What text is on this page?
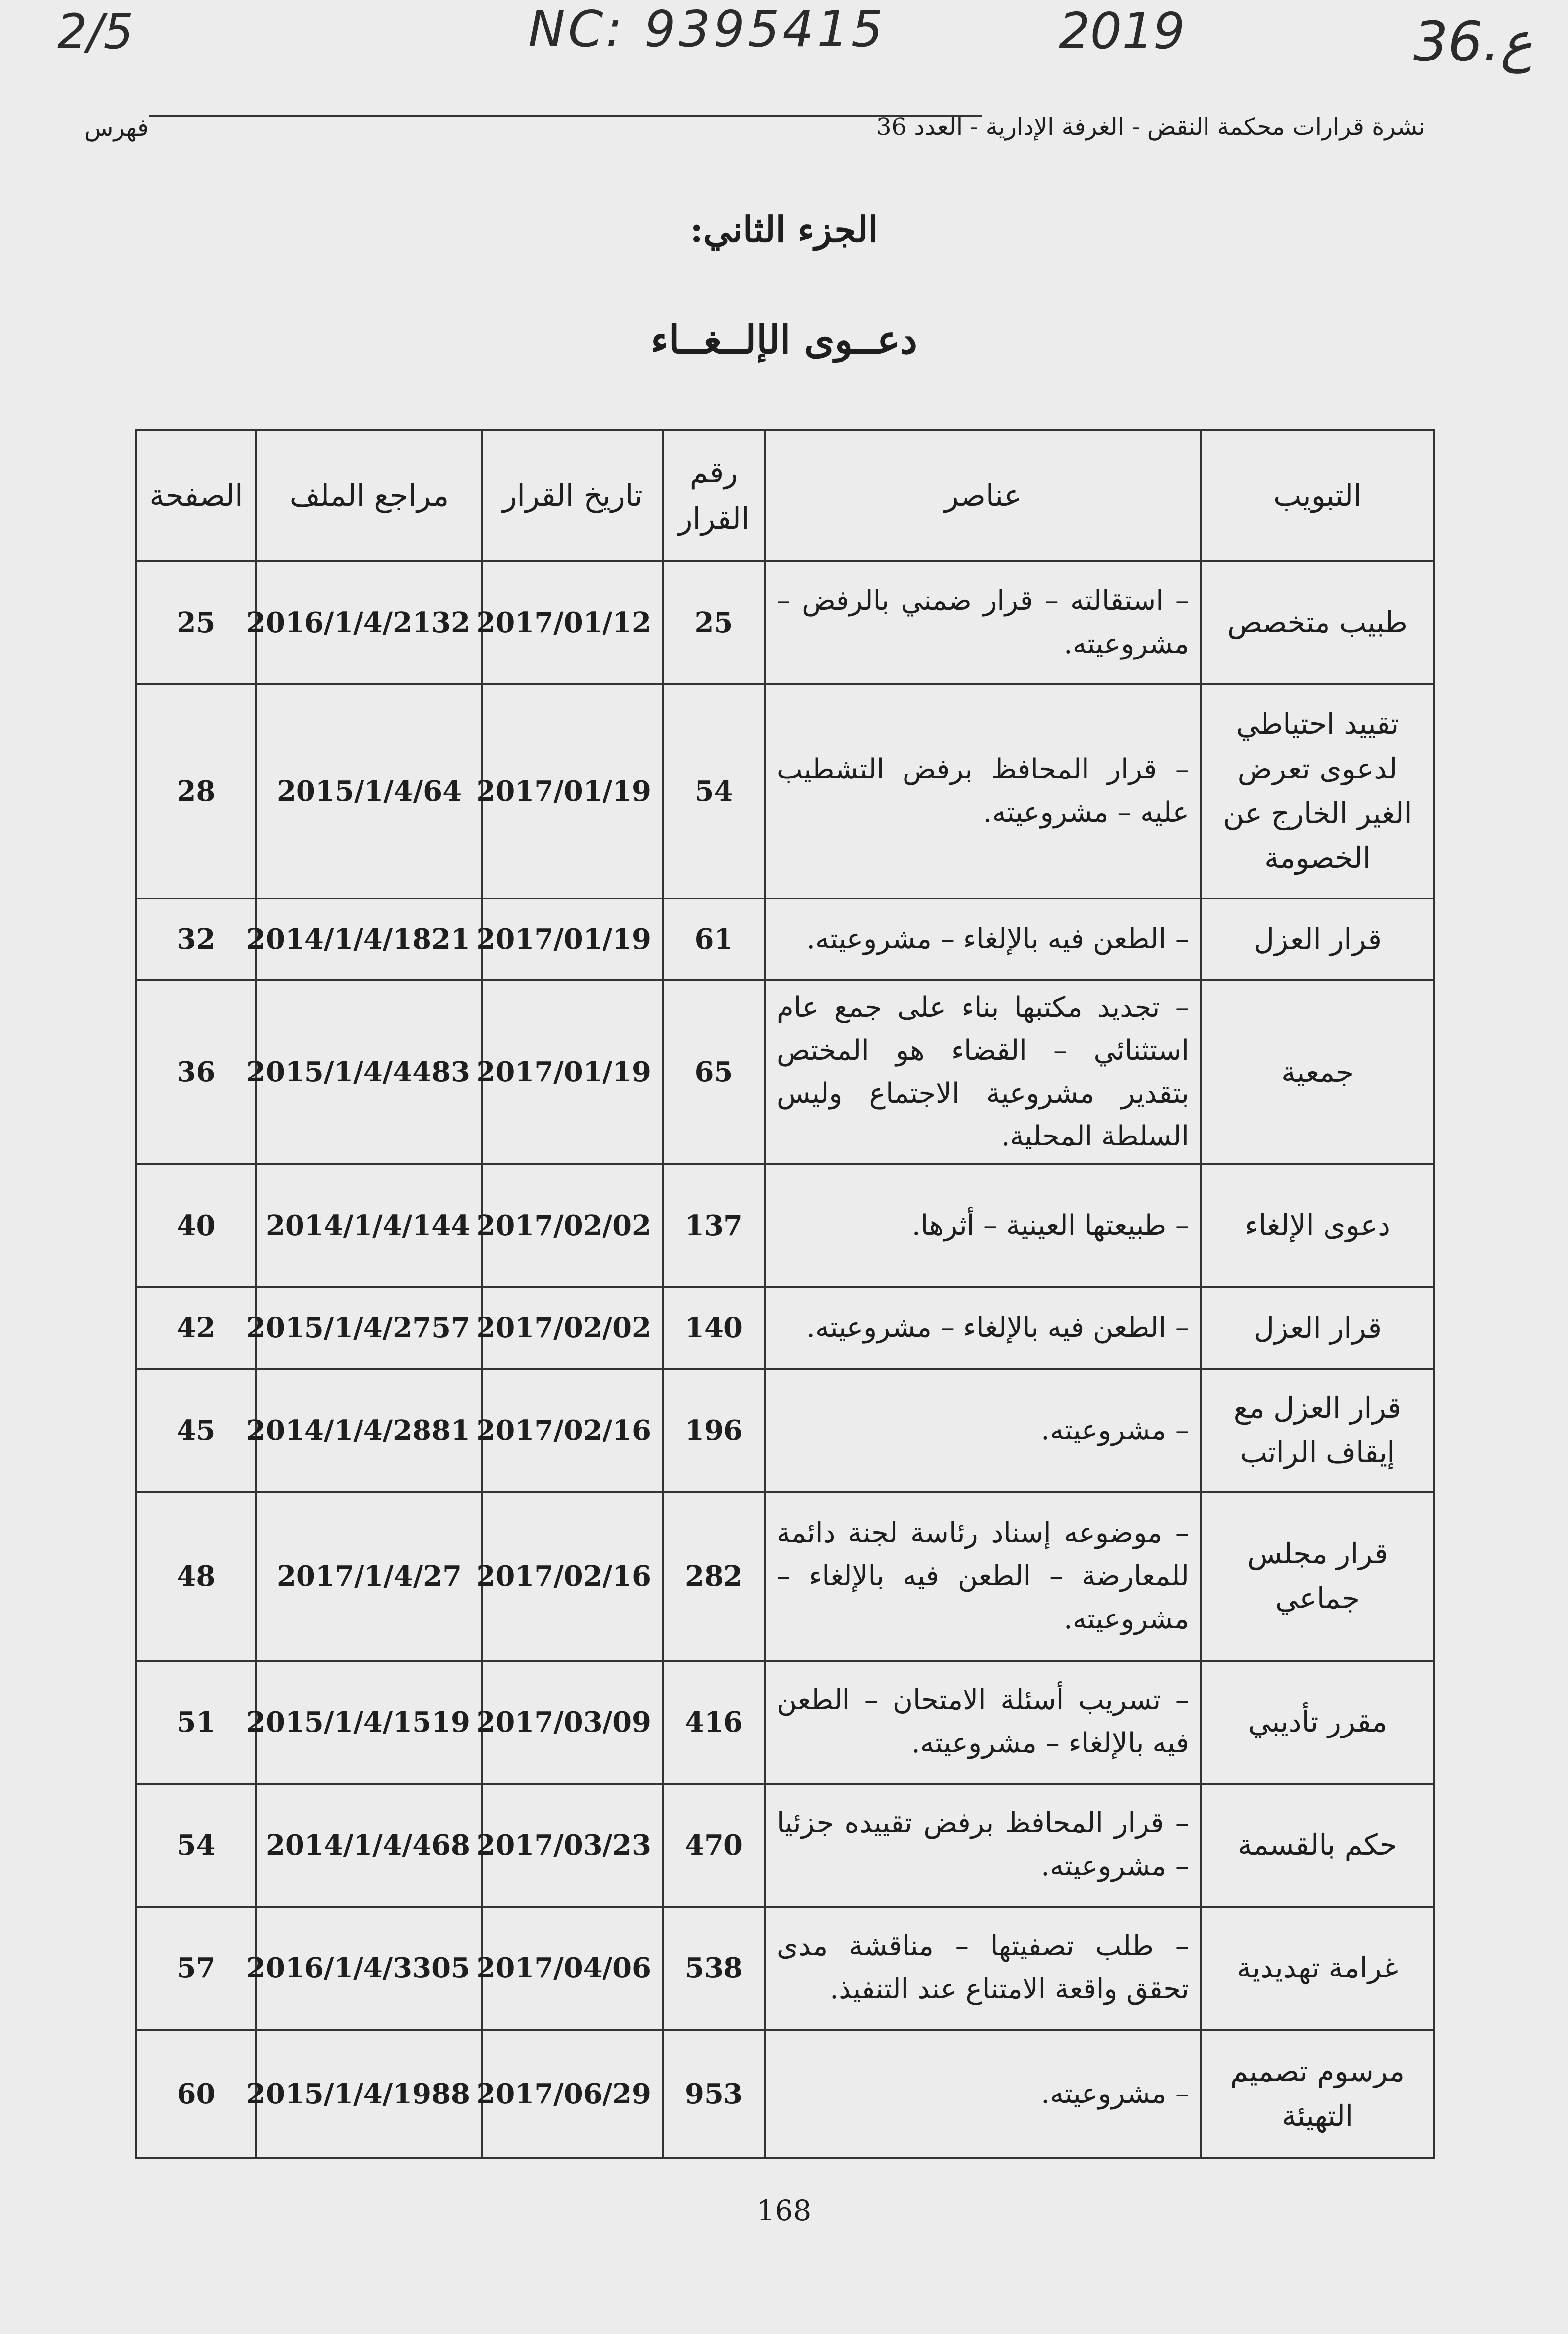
2/5	NC: 9395415	2019	36.ع
نشرة قرارات محكمة النقض - الغرفة الإدارية - العدد 36
فهرس
الجزء الثاني:
دعــوى الإلــغــاء
التبويب	عناصر	رقم القرار	تاريخ القرار	مراجع الملف	الصفحة
طبيب متخصص	– استقالته – قرار ضمني بالرفض – مشروعيته.	25	2017/01/12	2016/1/4/2132	25
تقييد احتياطي لدعوى تعرض الغير الخارج عن الخصومة	– قرار المحافظ برفض التشطيب عليه – مشروعيته.	54	2017/01/19	2015/1/4/64	28
قرار العزل	– الطعن فيه بالإلغاء – مشروعيته.	61	2017/01/19	2014/1/4/1821	32
جمعية	– تجديد مكتبها بناء على جمع عام استثنائي – القضاء هو المختص بتقدير مشروعية الاجتماع وليس السلطة المحلية.	65	2017/01/19	2015/1/4/4483	36
دعوى الإلغاء	– طبيعتها العينية – أثرها.	137	2017/02/02	2014/1/4/144	40
قرار العزل	– الطعن فيه بالإلغاء – مشروعيته.	140	2017/02/02	2015/1/4/2757	42
قرار العزل مع إيقاف الراتب	– مشروعيته.	196	2017/02/16	2014/1/4/2881	45
قرار مجلس جماعي	– موضوعه إسناد رئاسة لجنة دائمة للمعارضة – الطعن فيه بالإلغاء – مشروعيته.	282	2017/02/16	2017/1/4/27	48
مقرر تأديبي	– تسريب أسئلة الامتحان – الطعن فيه بالإلغاء – مشروعيته.	416	2017/03/09	2015/1/4/1519	51
حكم بالقسمة	– قرار المحافظ برفض تقييده جزئيا – مشروعيته.	470	2017/03/23	2014/1/4/468	54
غرامة تهديدية	– طلب تصفيتها – مناقشة مدى تحقق واقعة الامتناع عند التنفيذ.	538	2017/04/06	2016/1/4/3305	57
مرسوم تصميم التهيئة	– مشروعيته.	953	2017/06/29	2015/1/4/1988	60
168
